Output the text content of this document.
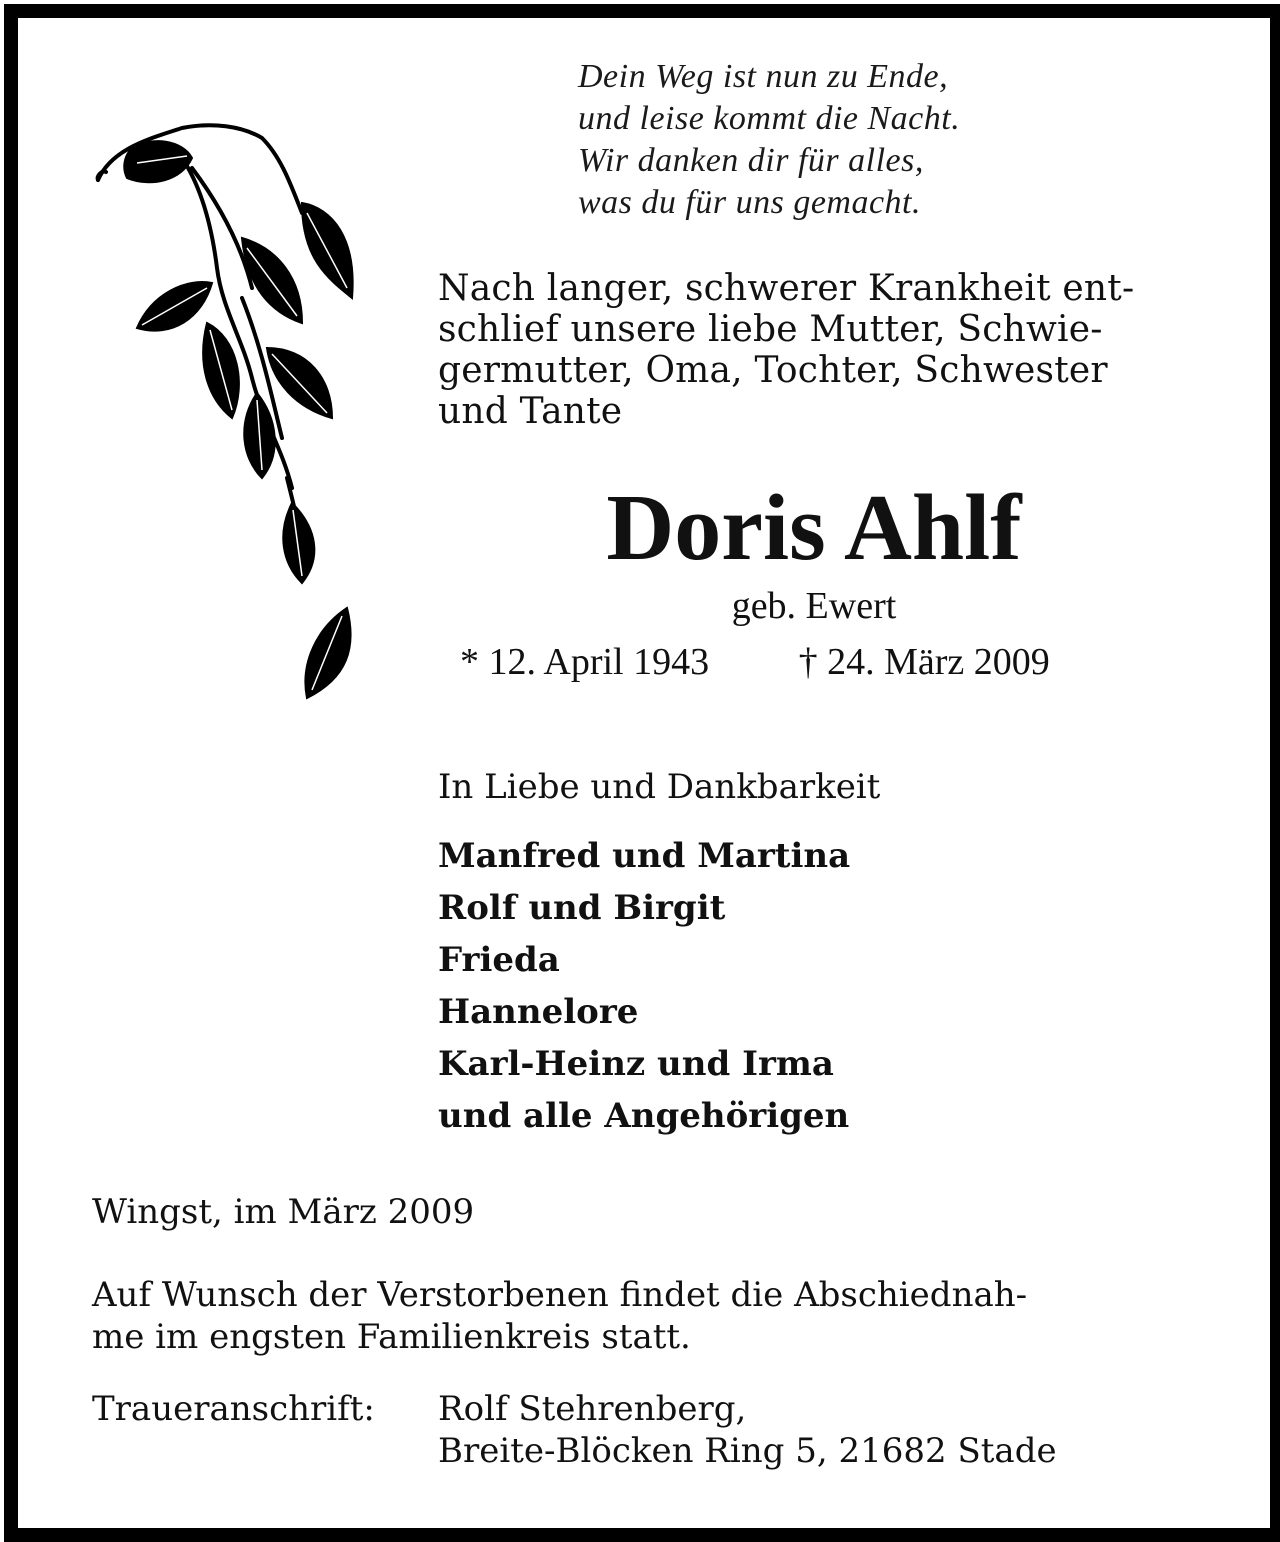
Dein Weg ist nun zu Ende,
und leise kommt die Nacht.
Wir danken dir für alles,
was du für uns gemacht.
Nach langer, schwerer Krankheit ent-
schlief unsere liebe Mutter, Schwie-
germutter, Oma, Tochter, Schwester
und Tante
Doris Ahlf
geb. Ewert
* 12. April 1943 † 24. März 2009
In Liebe und Dankbarkeit
Manfred und Martina
Rolf und Birgit
Frieda
Hannelore
Karl-Heinz und Irma
und alle Angehörigen
Wingst, im März 2009
Auf Wunsch der Verstorbenen findet die Abschiednah-
me im engsten Familienkreis statt.
Traueranschrift: Rolf Stehrenberg,
Breite-Blöcken Ring 5, 21682 Stade
